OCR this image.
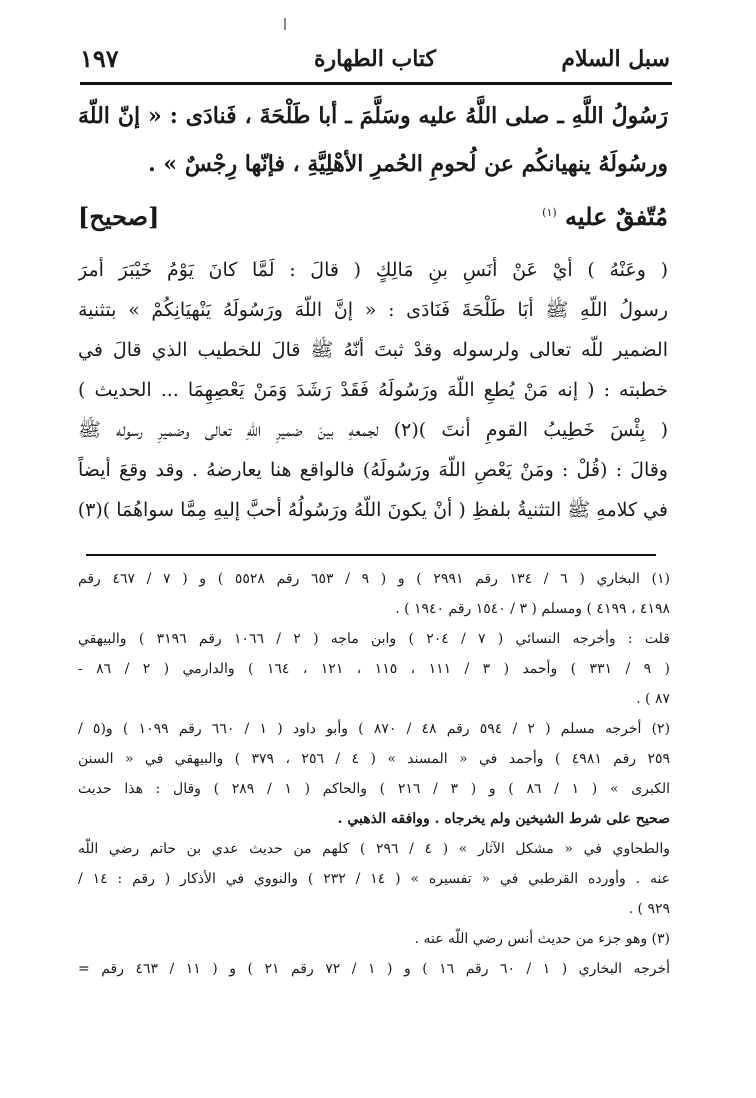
١٩٧	كتاب الطهارة	سبل السلام
رَسُولُ اللَّهِ ـ صلى اللَّهُ عليه وسَلَّمَ ـ أبا طَلْحَةَ ، فَنادَى : « إنّ اللّهَ
ورسُولَهُ ينهيانكُم عن لُحومِ الحُمرِ الأهْلِيَّةِ ، فإنّها رِجْسٌ » .
مُتّفقٌ عليه $^{(١)}$
[صحيح]
( وعَنْهُ ) أيْ عَنْ أنَسِ بنِ مَالِكٍ ( قالَ : لَمَّا كانَ يَوْمُ خَيْبَرَ أمرَ
رسولُ اللّهِ ﷺ أبَا طَلْحَةَ فَنَادَى : « إنَّ اللّهَ ورَسُولَهُ يَنْهيَانِكُمْ » بتثنية
الضمير للّه تعالى ولرسوله وقدْ ثبتَ أنّهُ ﷺ قالَ للخطيب الذي قالَ في
خطبته : ( إنه مَنْ يُطعِ اللّهَ ورَسُولَهُ فَقَدْ رَشَدَ وَمَنْ يَعْصِهِمَا ... الحديث )
( بِئْسَ خَطِيبُ القومِ أنتَ )(٢) لجمعهِ بينَ ضميرِ اللّهِ تعالى وضميرِ رسوله ﷺ
وقالَ : (قُلْ : ومَنْ يَعْصِ اللّهَ ورَسُولَهُ) فالواقع هنا يعارضهُ . وقد وقعَ أيضاً
في كلامهِ ﷺ التثنيةُ بلفظِ ( أنْ يكونَ اللّهُ ورَسُولُهُ أحبَّ إليهِ مِمَّا سواهُمَا )(٣)
(١) البخاري ( ٦ / ١٣٤ رقم ٢٩٩١ ) و ( ٩ / ٦٥٣ رقم ٥٥٢٨ ) و ( ٧ / ٤٦٧ رقم
٤١٩٨ ، ٤١٩٩ ) ومسلم ( ٣ / ١٥٤٠ رقم ١٩٤٠ ) .
قلت : وأخرجه النسائي ( ٧ / ٢٠٤ ) وابن ماجه ( ٢ / ١٠٦٦ رقم ٣١٩٦ ) والبيهقي
( ٩ / ٣٣١ ) وأحمد ( ٣ / ١١١ ، ١١٥ ، ١٢١ ، ١٦٤ ) والدارمي ( ٢ / ٨٦ -
٨٧ ) .
(٢) أخرجه مسلم ( ٢ / ٥٩٤ رقم ٤٨ / ٨٧٠ ) وأبو داود ( ١ / ٦٦٠ رقم ١٠٩٩ ) و(٥ /
٢٥٩ رقم ٤٩٨١ ) وأحمد في « المسند » ( ٤ / ٢٥٦ ، ٣٧٩ ) والبيهقي في « السنن
الكبرى » ( ١ / ٨٦ ) و ( ٣ / ٢١٦ ) والحاكم ( ١ / ٢٨٩ ) وقال : هذا حديث
صحيح على شرط الشيخين ولم يخرجاه . ووافقه الذهبي .
والطحاوي في « مشكل الآثار » ( ٤ / ٢٩٦ ) كلهم من حديث عدي بن حاتم رضي اللّه
عنه . وأورده القرطبي في « تفسيره » ( ١٤ / ٢٣٢ ) والنووي في الأذكار ( رقم : ١٤ /
٩٢٩ ) .
(٣) وهو جزء من حديث أنس رضي اللّه عنه .
أخرجه البخاري ( ١ / ٦٠ رقم ١٦ ) و ( ١ / ٧٢ رقم ٢١ ) و ( ١١ / ٤٦٣ رقم =
